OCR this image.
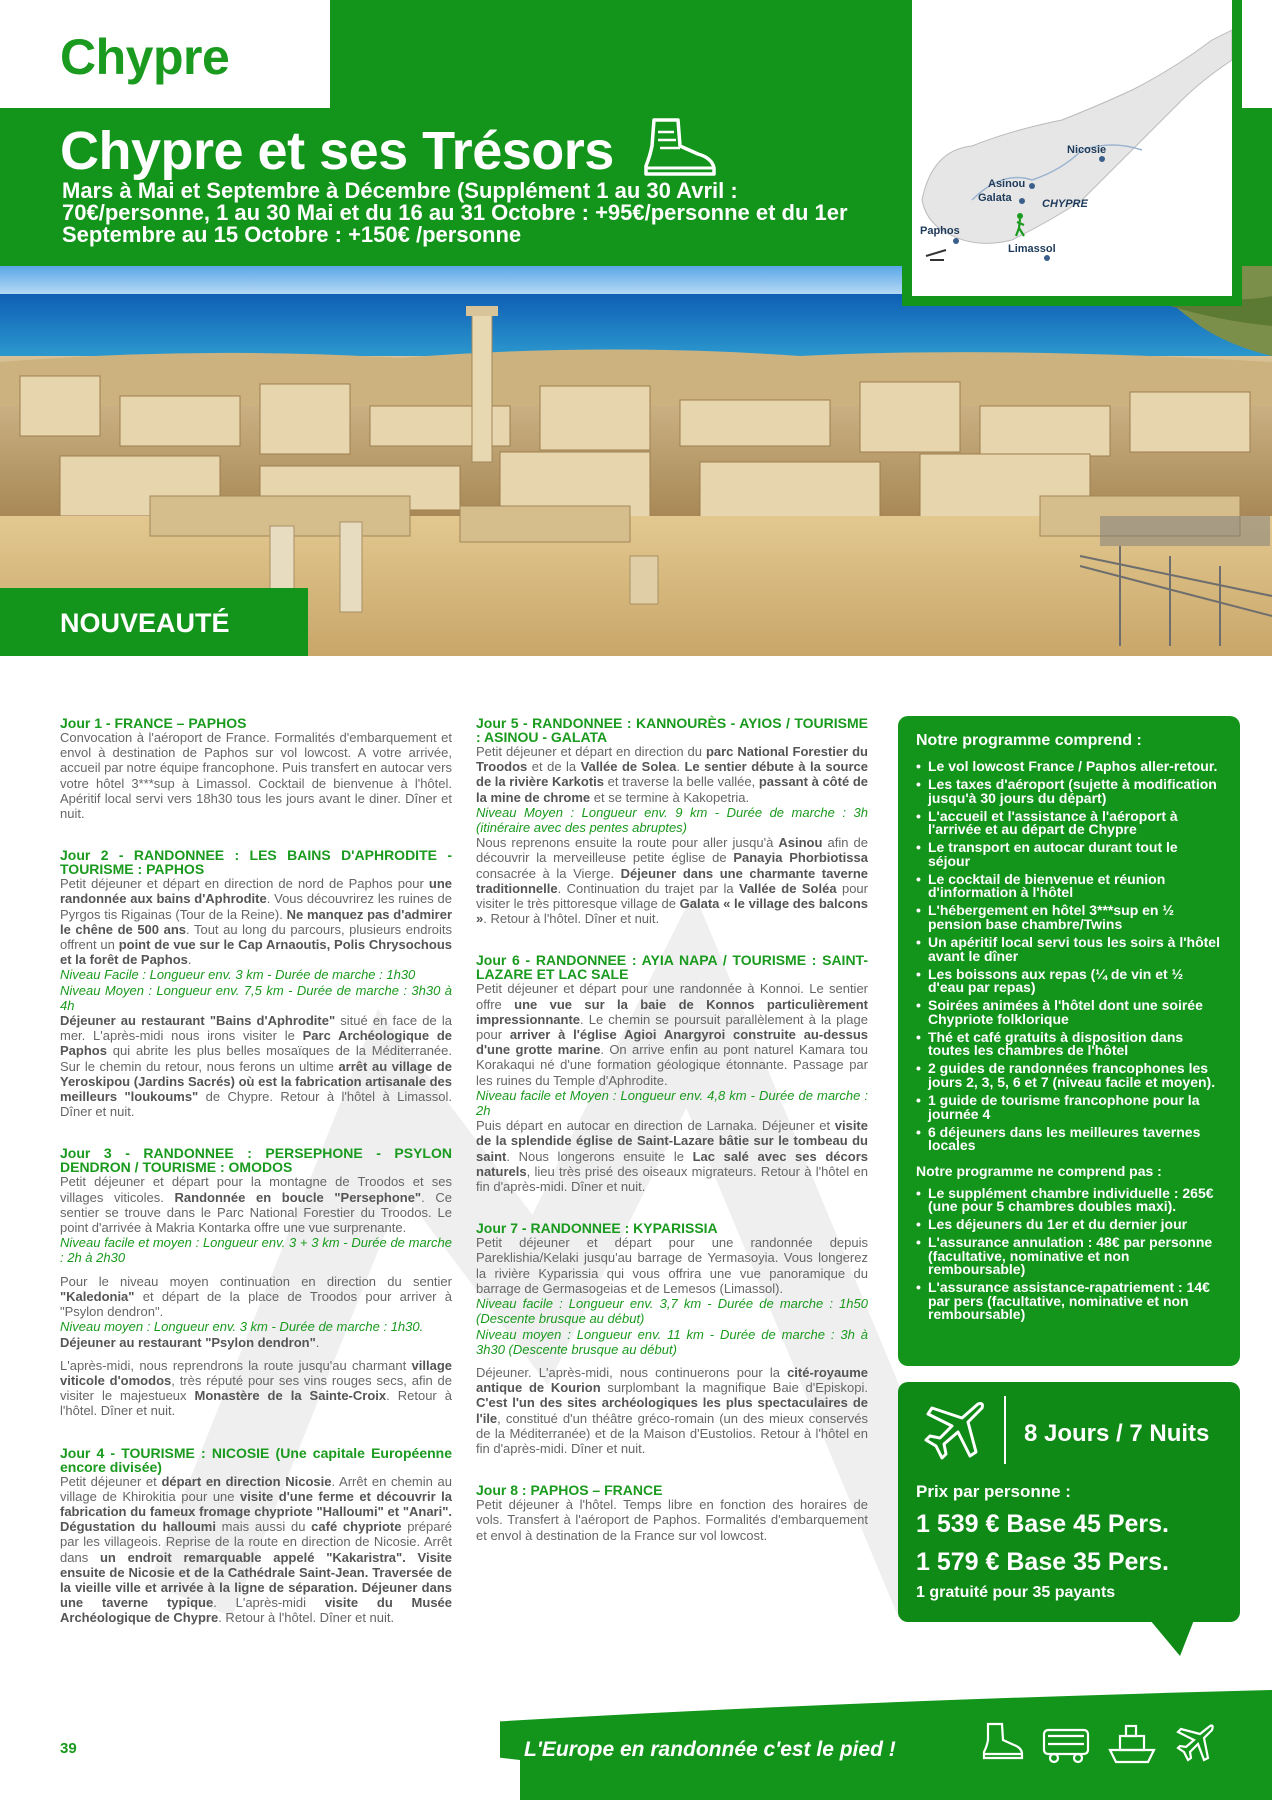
Chypre
Chypre et ses Trésors
Mars à Mai et Septembre à Décembre (Supplément 1 au 30 Avril : 70€/personne, 1 au 30 Mai et du 16 au 31 Octobre : +95€/personne et du 1er Septembre au 15 Octobre : +150€ /personne
NOUVEAUTÉ
Nicosie
Asinou
Galata	CHYPRE
Paphos
Limassol
Jour 1 - FRANCE – PAPHOS

Convocation à l'aéroport de France. Formalités d'embarquement et envol à destination de Paphos sur vol lowcost. A votre arrivée, accueil par notre équipe francophone. Puis transfert en autocar vers votre hôtel 3***sup à Limassol. Cocktail de bienvenue à l'hôtel. Apéritif local servi vers 18h30 tous les jours avant le diner. Dîner et nuit.

Jour 2 - RANDONNEE : LES BAINS D'APHRODITE - TOURISME : PAPHOS

Petit déjeuner et départ en direction de nord de Paphos pour une randonnée aux bains d'Aphrodite. Vous découvrirez les ruines de Pyrgos tis Rigainas (Tour de la Reine). Ne manquez pas d'admirer le chêne de 500 ans. Tout au long du parcours, plusieurs endroits offrent un point de vue sur le Cap Arnaoutis, Polis Chrysochous et la forêt de Paphos.

Niveau Facile : Longueur env. 3 km - Durée de marche : 1h30

Niveau Moyen : Longueur env. 7,5 km - Durée de marche : 3h30 à 4h

Déjeuner au restaurant "Bains d'Aphrodite" situé en face de la mer. L'après-midi nous irons visiter le Parc Archéologique de Paphos qui abrite les plus belles mosaïques de la Méditerranée. Sur le chemin du retour, nous ferons un ultime arrêt au village de Yeroskipou (Jardins Sacrés) où est la fabrication artisanale des meilleurs "loukoums" de Chypre. Retour à l'hôtel à Limassol. Dîner et nuit.

Jour 3 - RANDONNEE : PERSEPHONE - PSYLON DENDRON / TOURISME : OMODOS

Petit déjeuner et départ pour la montagne de Troodos et ses villages viticoles. Randonnée en boucle "Persephone". Ce sentier se trouve dans le Parc National Forestier du Troodos. Le point d'arrivée à Makria Kontarka offre une vue surprenante.

Niveau facile et moyen : Longueur env. 3 + 3 km - Durée de marche : 2h à 2h30

Pour le niveau moyen continuation en direction du sentier "Kaledonia" et départ de la place de Troodos pour arriver à "Psylon dendron".

Niveau moyen : Longueur env. 3 km - Durée de marche : 1h30.

Déjeuner au restaurant "Psylon dendron".

L'après-midi, nous reprendrons la route jusqu'au charmant village viticole d'omodos, très réputé pour ses vins rouges secs, afin de visiter le majestueux Monastère de la Sainte-Croix. Retour à l'hôtel. Dîner et nuit.

Jour 4 - TOURISME : NICOSIE (Une capitale Européenne encore divisée)

Petit déjeuner et départ en direction Nicosie. Arrêt en chemin au village de Khirokitia pour une visite d'une ferme et découvrir la fabrication du fameux fromage chypriote "Halloumi" et "Anari". Dégustation du halloumi mais aussi du café chypriote préparé par les villageois. Reprise de la route en direction de Nicosie. Arrêt dans un endroit remarquable appelé "Kakaristra". Visite ensuite de Nicosie et de la Cathédrale Saint-Jean. Traversée de la vieille ville et arrivée à la ligne de séparation. Déjeuner dans une taverne typique. L'après-midi visite du Musée Archéologique de Chypre. Retour à l'hôtel. Dîner et nuit.

Jour 5 - RANDONNEE : KANNOURÈS - AYIOS / TOURISME : ASINOU - GALATA

Petit déjeuner et départ en direction du parc National Forestier du Troodos et de la Vallée de Solea. Le sentier débute à la source de la rivière Karkotis et traverse la belle vallée, passant à côté de la mine de chrome et se termine à Kakopetria.

Niveau Moyen : Longueur env. 9 km - Durée de marche : 3h (itinéraire avec des pentes abruptes)

Nous reprenons ensuite la route pour aller jusqu'à Asinou afin de découvrir la merveilleuse petite église de Panayia Phorbiotissa consacrée à la Vierge. Déjeuner dans une charmante taverne traditionnelle. Continuation du trajet par la Vallée de Soléa pour visiter le très pittoresque village de Galata « le village des balcons ». Retour à l'hôtel. Dîner et nuit.

Jour 6 - RANDONNEE : AYIA NAPA / TOURISME : SAINT-LAZARE ET LAC SALE

Petit déjeuner et départ pour une randonnée à Konnoi. Le sentier offre une vue sur la baie de Konnos particulièrement impressionnante. Le chemin se poursuit parallèlement à la plage pour arriver à l'église Agioi Anargyroi construite au-dessus d'une grotte marine. On arrive enfin au pont naturel Kamara tou Korakaqui né d'une formation géologique étonnante. Passage par les ruines du Temple d'Aphrodite.

Niveau facile et Moyen : Longueur env. 4,8 km - Durée de marche : 2h

Puis départ en autocar en direction de Larnaka. Déjeuner et visite de la splendide église de Saint-Lazare bâtie sur le tombeau du saint. Nous longerons ensuite le Lac salé avec ses décors naturels, lieu très prisé des oiseaux migrateurs. Retour à l'hôtel en fin d'après-midi. Dîner et nuit.

Jour 7 - RANDONNEE : KYPARISSIA

Petit déjeuner et départ pour une randonnée depuis Pareklishia/Kelaki jusqu'au barrage de Yermasoyia. Vous longerez la rivière Kyparissia qui vous offrira une vue panoramique du barrage de Germasogeias et de Lemesos (Limassol).

Niveau facile : Longueur env. 3,7 km - Durée de marche : 1h50 (Descente brusque au début)

Niveau moyen : Longueur env. 11 km - Durée de marche : 3h à 3h30 (Descente brusque au début)

Déjeuner. L'après-midi, nous continuerons pour la cité-royaume antique de Kourion surplombant la magnifique Baie d'Episkopi. C'est l'un des sites archéologiques les plus spectaculaires de l'ile, constitué d'un théâtre gréco-romain (un des mieux conservés de la Méditerranée) et de la Maison d'Eustolios. Retour à l'hôtel en fin d'après-midi. Dîner et nuit.

Jour 8 : PAPHOS – FRANCE

Petit déjeuner à l'hôtel. Temps libre en fonction des horaires de vols. Transfert à l'aéroport de Paphos. Formalités d'embarquement et envol à destination de la France sur vol lowcost.

Notre programme comprend :
• Le vol lowcost France / Paphos aller-retour.
• Les taxes d'aéroport (sujette à modification jusqu'à 30 jours du départ)
• L'accueil et l'assistance à l'aéroport à l'arrivée et au départ de Chypre
• Le transport en autocar durant tout le séjour
• Le cocktail de bienvenue et réunion d'information à l'hôtel
• L'hébergement en hôtel 3***sup en ½ pension base chambre/Twins
• Un apéritif local servi tous les soirs à l'hôtel avant le dîner
• Les boissons aux repas (¼ de vin et ½ d'eau par repas)
• Soirées animées à l'hôtel dont une soirée Chypriote folklorique
• Thé et café gratuits à disposition dans toutes les chambres de l'hôtel
• 2 guides de randonnées francophones les jours 2, 3, 5, 6 et 7 (niveau facile et moyen).
• 1 guide de tourisme francophone pour la journée 4
• 6 déjeuners dans les meilleures tavernes locales
Notre programme ne comprend pas :
• Le supplément chambre individuelle : 265€ (une pour 5 chambres doubles maxi).
• Les déjeuners du 1er et du dernier jour
• L'assurance annulation : 48€ par personne (facultative, nominative et non remboursable)
• L'assurance assistance-rapatriement : 14€ par pers (facultative, nominative et non remboursable)
8 Jours / 7 Nuits
Prix par personne :
1 539 € Base 45 Pers.
1 579 € Base 35 Pers.
1 gratuité pour 35 payants
39	L'Europe en randonnée c'est le pied !
